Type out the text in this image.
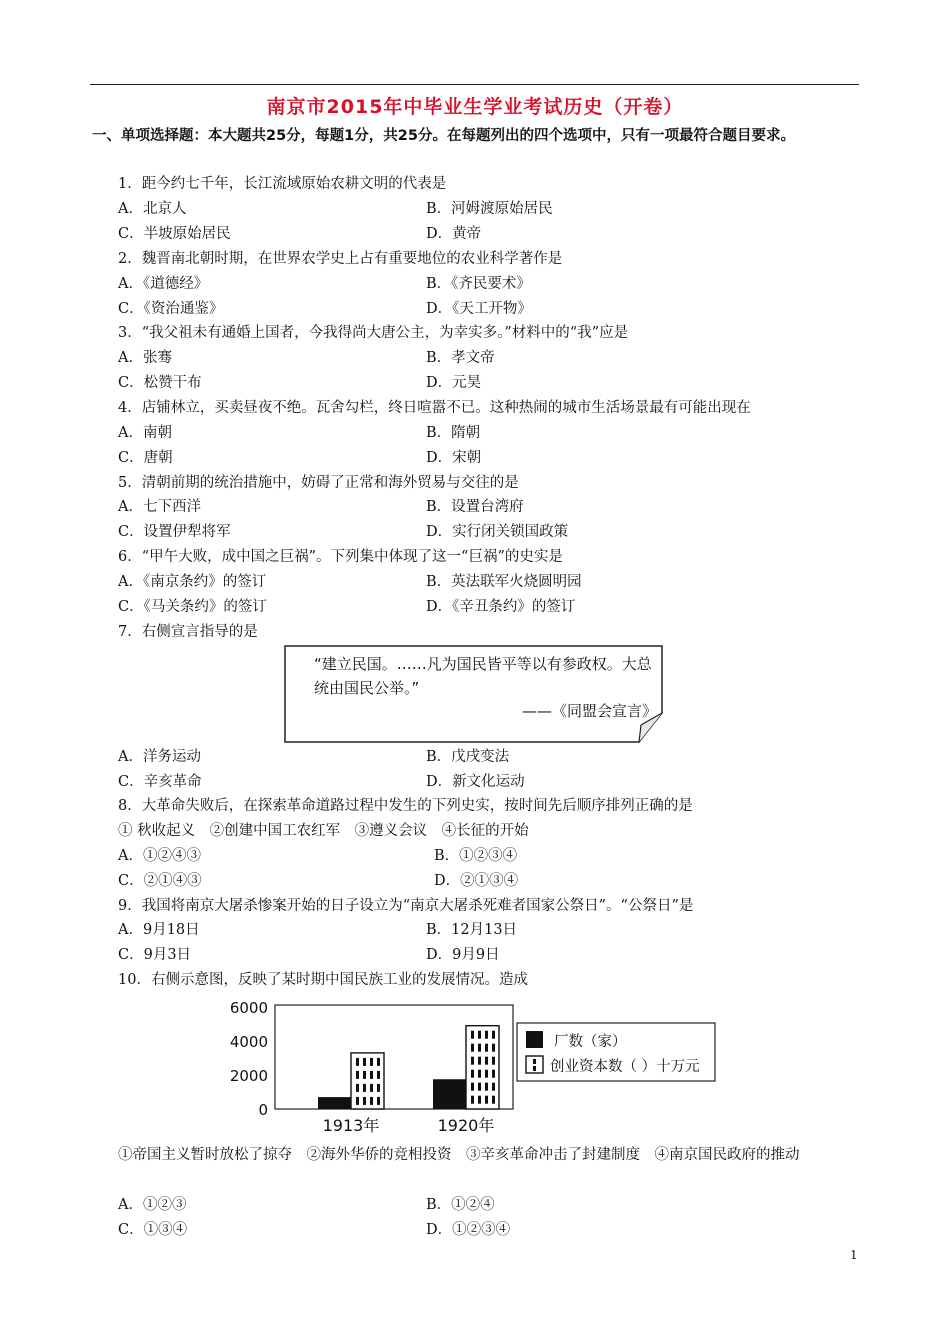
南京市2015年中毕业生学业考试历史（开卷）
一、单项选择题：本大题共25分，每题1分，共25分。在每题列出的四个选项中，只有一项最符合题目要求。
1．距今约七千年，长江流域原始农耕文明的代表是
A．北京人	B．河姆渡原始居民
C．半坡原始居民	D．黄帝
2．魏晋南北朝时期，在世界农学史上占有重要地位的农业科学著作是
A．《道德经》	B．《齐民要术》
C．《资治通鉴》	D．《天工开物》
3．“我父祖未有通婚上国者，今我得尚大唐公主，为幸实多。”材料中的“我”应是
A．张骞	B．孝文帝
C．松赞干布	D．元昊
4．店铺林立，买卖昼夜不绝。瓦舍勾栏，终日喧嚣不已。这种热闹的城市生活场景最有可能出现在
A．南朝	B．隋朝
C．唐朝	D．宋朝
5．清朝前期的统治措施中，妨碍了正常和海外贸易与交往的是
A．七下西洋	B．设置台湾府
C．设置伊犁将军	D．实行闭关锁国政策
6．“甲午大败，成中国之巨祸”。下列集中体现了这一“巨祸”的史实是
A．《南京条约》的签订	B．英法联军火烧圆明园
C．《马关条约》的签订	D．《辛丑条约》的签订
7．右侧宣言指导的是
“建立民国。……凡为国民皆平等以有参政权。大总统由国民公举。”
——《同盟会宣言》
A．洋务运动	B．戊戌变法
C．辛亥革命	D．新文化运动
8．大革命失败后，在探索革命道路过程中发生的下列史实，按时间先后顺序排列正确的是
① 秋收起义　②创建中国工农红军　③遵义会议　④长征的开始
A．①②④③	B．①②③④
C．②①④③	D．②①③④
9．我国将南京大屠杀惨案开始的日子设立为“南京大屠杀死难者国家公祭日”。“公祭日”是
A．9月18日	B．12月13日
C．9月3日	D．9月9日
10．右侧示意图，反映了某时期中国民族工业的发展情况。造成
6000
4000
2000
0
1913年	1920年
厂数（家）
创业资本数（ ）十万元
①帝国主义暂时放松了掠夺　②海外华侨的竞相投资　③辛亥革命冲击了封建制度　④南京国民政府的推动
A．①②③	B．①②④
C．①③④	D．①②③④
1
